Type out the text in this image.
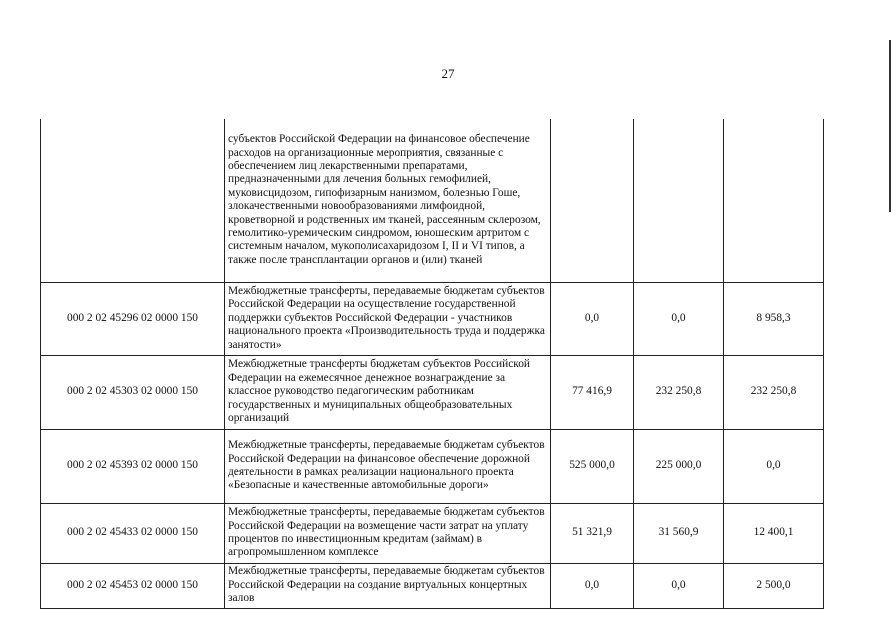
27
	субъектов Российской Федерации на финансовое обеспечение расходов на организационные мероприятия, связанные с обеспечением лиц лекарственными препаратами, предназначенными для лечения больных гемофилией, муковисцидозом, гипофизарным нанизмом, болезнью Гоше, злокачественными новообразованиями лимфоидной, кроветворной и родственных им тканей, рассеянным склерозом, гемолитико-уремическим синдромом, юношеским артритом с системным началом, мукополисахаридозом I, II и VI типов, а также после трансплантации органов и (или) тканей			
000 2 02 45296 02 0000 150	Межбюджетные трансферты, передаваемые бюджетам субъектов Российской Федерации на осуществление государственной поддержки субъектов Российской Федерации - участников национального проекта «Производительность труда и поддержка занятости»	0,0	0,0	8 958,3
000 2 02 45303 02 0000 150	Межбюджетные трансферты бюджетам субъектов Российской Федерации на ежемесячное денежное вознаграждение за классное руководство педагогическим работникам государственных и муниципальных общеобразовательных организаций	77 416,9	232 250,8	232 250,8
000 2 02 45393 02 0000 150	Межбюджетные трансферты, передаваемые бюджетам субъектов Российской Федерации на финансовое обеспечение дорожной деятельности в рамках реализации национального проекта «Безопасные и качественные автомобильные дороги»	525 000,0	225 000,0	0,0
000 2 02 45433 02 0000 150	Межбюджетные трансферты, передаваемые бюджетам субъектов Российской Федерации на возмещение части затрат на уплату процентов по инвестиционным кредитам (займам) в агропромышленном комплексе	51 321,9	31 560,9	12 400,1
000 2 02 45453 02 0000 150	Межбюджетные трансферты, передаваемые бюджетам субъектов Российской Федерации на создание виртуальных концертных залов	0,0	0,0	2 500,0
